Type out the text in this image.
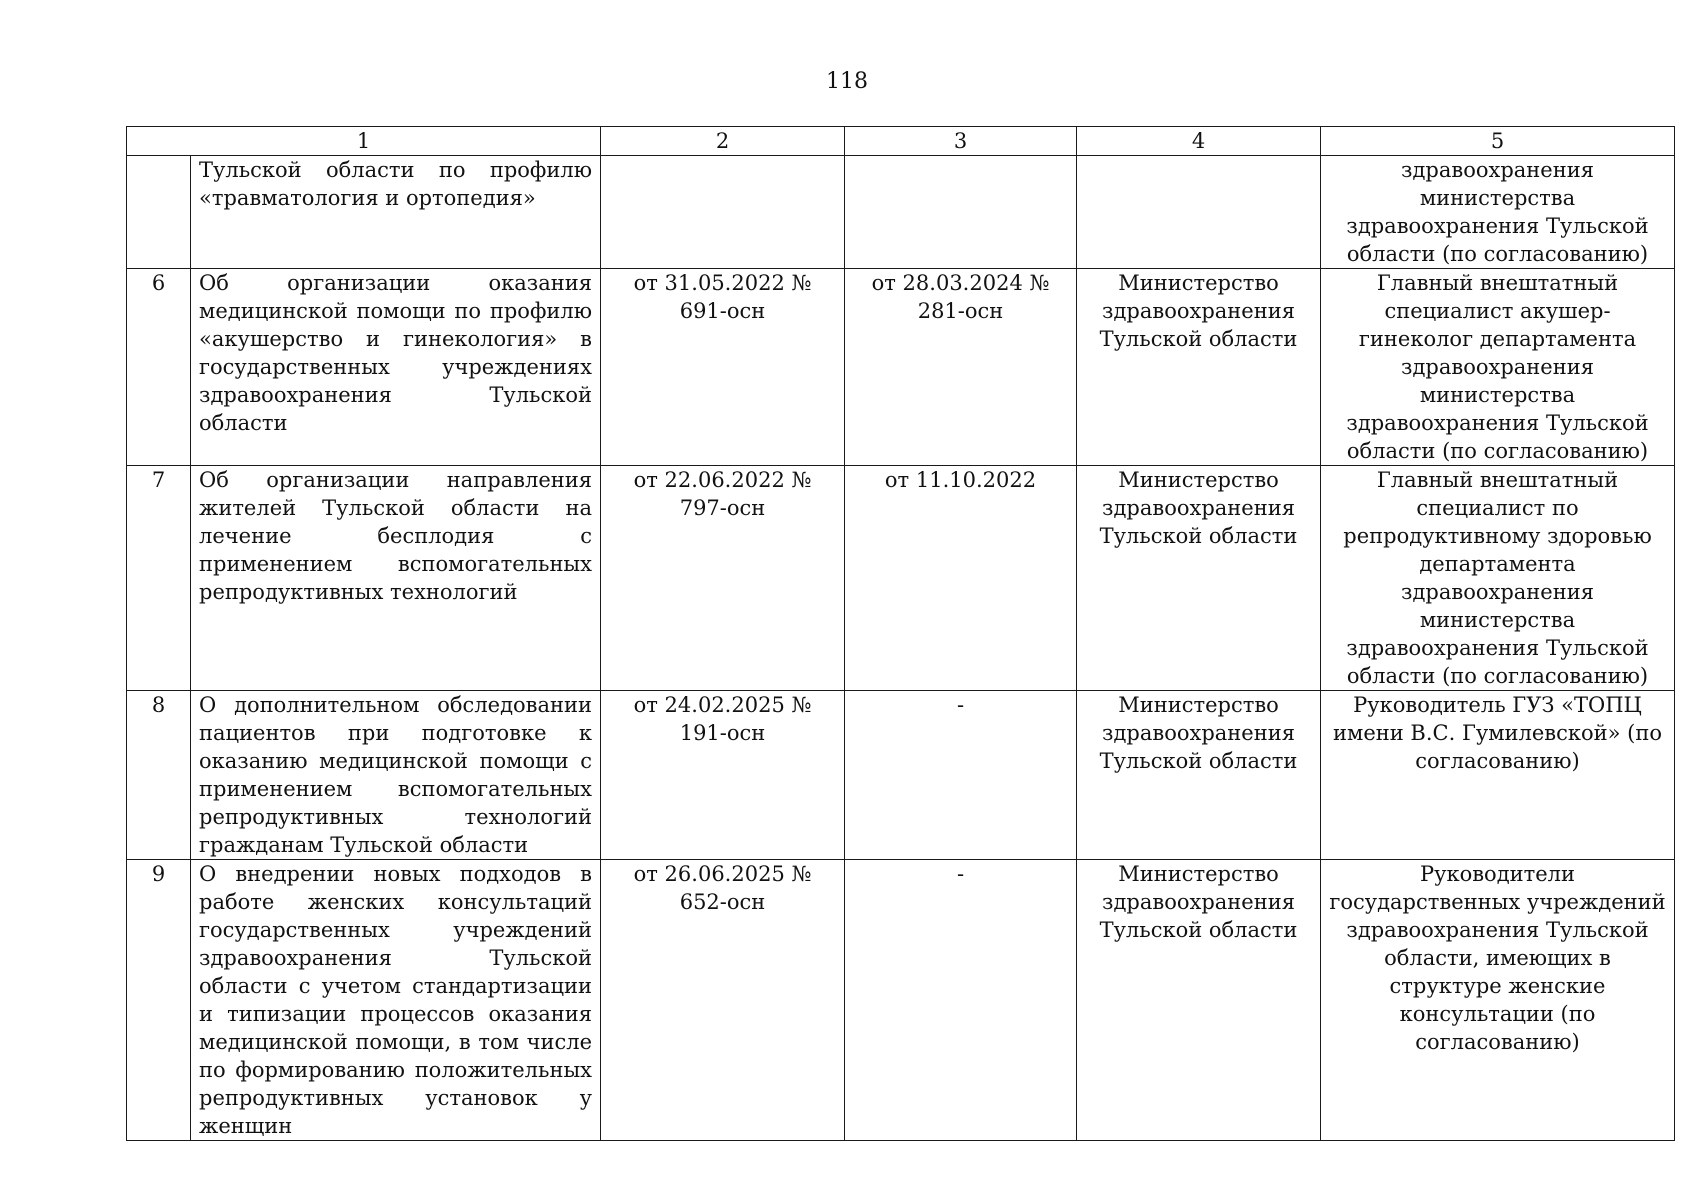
118
1		2	3	4	5
	Тульской области по профилю «травматология и ортопедия»				здравоохранения министерства здравоохранения Тульской области (по согласованию)
6	Об организации оказания медицинской помощи по профилю «акушерство и гинекология» в государственных учреждениях здравоохранения Тульской области	от 31.05.2022 № 691-осн	от 28.03.2024 № 281-осн	Министерство здравоохранения Тульской области	Главный внештатный специалист акушер-гинеколог департамента здравоохранения министерства здравоохранения Тульской области (по согласованию)
7	Об организации направления жителей Тульской области на лечение бесплодия с применением вспомогательных репродуктивных технологий	от 22.06.2022 № 797-осн	от 11.10.2022	Министерство здравоохранения Тульской области	Главный внештатный специалист по репродуктивному здоровью департамента здравоохранения министерства здравоохранения Тульской области (по согласованию)
8	О дополнительном обследовании пациентов при подготовке к оказанию медицинской помощи с применением вспомогательных репродуктивных технологий гражданам Тульской области	от 24.02.2025 № 191-осн	-	Министерство здравоохранения Тульской области	Руководитель ГУЗ «ТОПЦ имени В.С. Гумилевской» (по согласованию)
9	О внедрении новых подходов в работе женских консультаций государственных учреждений здравоохранения Тульской области с учетом стандартизации и типизации процессов оказания медицинской помощи, в том числе по формированию положительных репродуктивных установок у женщин	от 26.06.2025 № 652-осн	-	Министерство здравоохранения Тульской области	Руководители государственных учреждений здравоохранения Тульской области, имеющих в структуре женские консультации (по согласованию)
